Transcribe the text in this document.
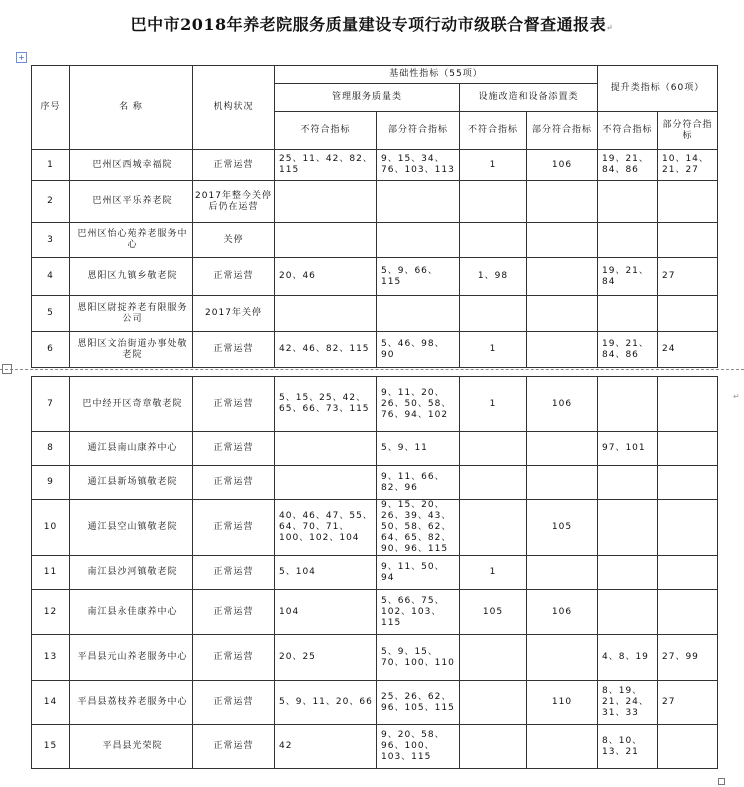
巴中市2018年养老院服务质量建设专项行动市级联合督查通报表↵
+
序号	名 称	机构状况	基础性指标（55项）				提升类指标（60项）	
			管理服务质量类		设施改造和设备添置类			
			不符合指标	部分符合指标	不符合指标	部分符合指标	不符合指标	部分符合指标
1	巴州区西城幸福院	正常运营	25、11、42、82、115	9、15、34、76、103、113	1	106	19、21、84、86	10、14、21、27
2	巴州区平乐养老院	2017年整今关停后仍在运营						
3	巴州区怡心苑养老服务中心	关停						
4	恩阳区九镇乡敬老院	正常运营	20、46	5、9、66、115	1、98		19、21、84	27
5	恩阳区尉掟养老有限服务公司	2017年关停						
6	恩阳区文治街道办事处敬老院	正常运营	42、46、82、115	5、46、98、90	1		19、21、84、86	24
↵
7	巴中经开区奇章敬老院	正常运营	5、15、25、42、65、66、73、115	9、11、20、26、50、58、76、94、102	1	106		
8	通江县南山康养中心	正常运营		5、9、11			97、101	
9	通江县新场镇敬老院	正常运营		9、11、66、82、96				
10	通江县空山镇敬老院	正常运营	40、46、47、55、64、70、71、100、102、104	9、15、20、26、39、43、50、58、62、64、65、82、90、96、115		105		
11	南江县沙河镇敬老院	正常运营	5、104	9、11、50、94	1			
12	南江县永佳康养中心	正常运营	104	5、66、75、102、103、115	105	106		
13	平昌县元山养老服务中心	正常运营	20、25	5、9、15、70、100、110			4、8、19	27、99
14	平昌县荔枝养老服务中心	正常运营	5、9、11、20、66	25、26、62、96、105、115		110	8、19、21、24、31、33	27
15	平昌县光荣院	正常运营	42	9、20、58、96、100、103、115			8、10、13、21	
